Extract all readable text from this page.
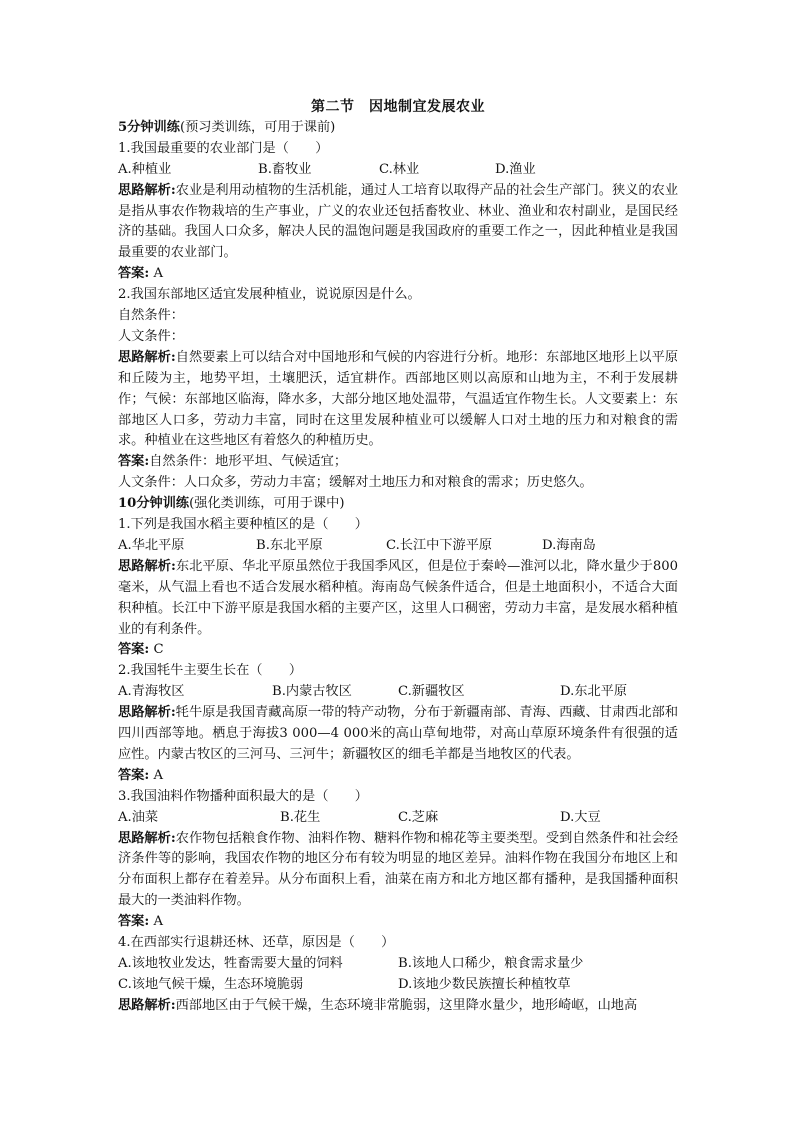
第二节　因地制宜发展农业
5分钟训练(预习类训练，可用于课前)
1.我国最重要的农业部门是（　　）
A.种植业	B.畜牧业	C.林业	D.渔业
思路解析:农业是利用动植物的生活机能，通过人工培育以取得产品的社会生产部门。狭义的农业是指从事农作物栽培的生产事业，广义的农业还包括畜牧业、林业、渔业和农村副业，是国民经济的基础。我国人口众多，解决人民的温饱问题是我国政府的重要工作之一，因此种植业是我国最重要的农业部门。
答案: A
2.我国东部地区适宜发展种植业，说说原因是什么。
自然条件：
人文条件：
思路解析:自然要素上可以结合对中国地形和气候的内容进行分析。地形：东部地区地形上以平原和丘陵为主，地势平坦，土壤肥沃，适宜耕作。西部地区则以高原和山地为主，不利于发展耕作；气候：东部地区临海，降水多，大部分地区地处温带，气温适宜作物生长。人文要素上：东部地区人口多，劳动力丰富，同时在这里发展种植业可以缓解人口对土地的压力和对粮食的需求。种植业在这些地区有着悠久的种植历史。
答案:自然条件：地形平坦、气候适宜；
人文条件：人口众多，劳动力丰富；缓解对土地压力和对粮食的需求；历史悠久。
10分钟训练(强化类训练，可用于课中)
1.下列是我国水稻主要种植区的是（　　）
A.华北平原	B.东北平原	C.长江中下游平原	D.海南岛
思路解析:东北平原、华北平原虽然位于我国季风区，但是位于秦岭—淮河以北，降水量少于800毫米，从气温上看也不适合发展水稻种植。海南岛气候条件适合，但是土地面积小，不适合大面积种植。长江中下游平原是我国水稻的主要产区，这里人口稠密，劳动力丰富，是发展水稻种植业的有利条件。
答案: C
2.我国牦牛主要生长在（　　）
A.青海牧区	B.内蒙古牧区	C.新疆牧区	D.东北平原
思路解析:牦牛原是我国青藏高原一带的特产动物，分布于新疆南部、青海、西藏、甘肃西北部和四川西部等地。栖息于海拔3 000—4 000米的高山草甸地带，对高山草原环境条件有很强的适应性。内蒙古牧区的三河马、三河牛；新疆牧区的细毛羊都是当地牧区的代表。
答案: A
3.我国油料作物播种面积最大的是（　　）
A.油菜	B.花生	C.芝麻	D.大豆
思路解析:农作物包括粮食作物、油料作物、糖料作物和棉花等主要类型。受到自然条件和社会经济条件等的影响，我国农作物的地区分布有较为明显的地区差异。油料作物在我国分布地区上和分布面积上都存在着差异。从分布面积上看，油菜在南方和北方地区都有播种，是我国播种面积最大的一类油料作物。
答案: A
4.在西部实行退耕还林、还草，原因是（　　）
A.该地牧业发达，牲畜需要大量的饲料	B.该地人口稀少，粮食需求量少
C.该地气候干燥，生态环境脆弱	D.该地少数民族擅长种植牧草
思路解析:西部地区由于气候干燥，生态环境非常脆弱，这里降水量少，地形崎岖，山地高
